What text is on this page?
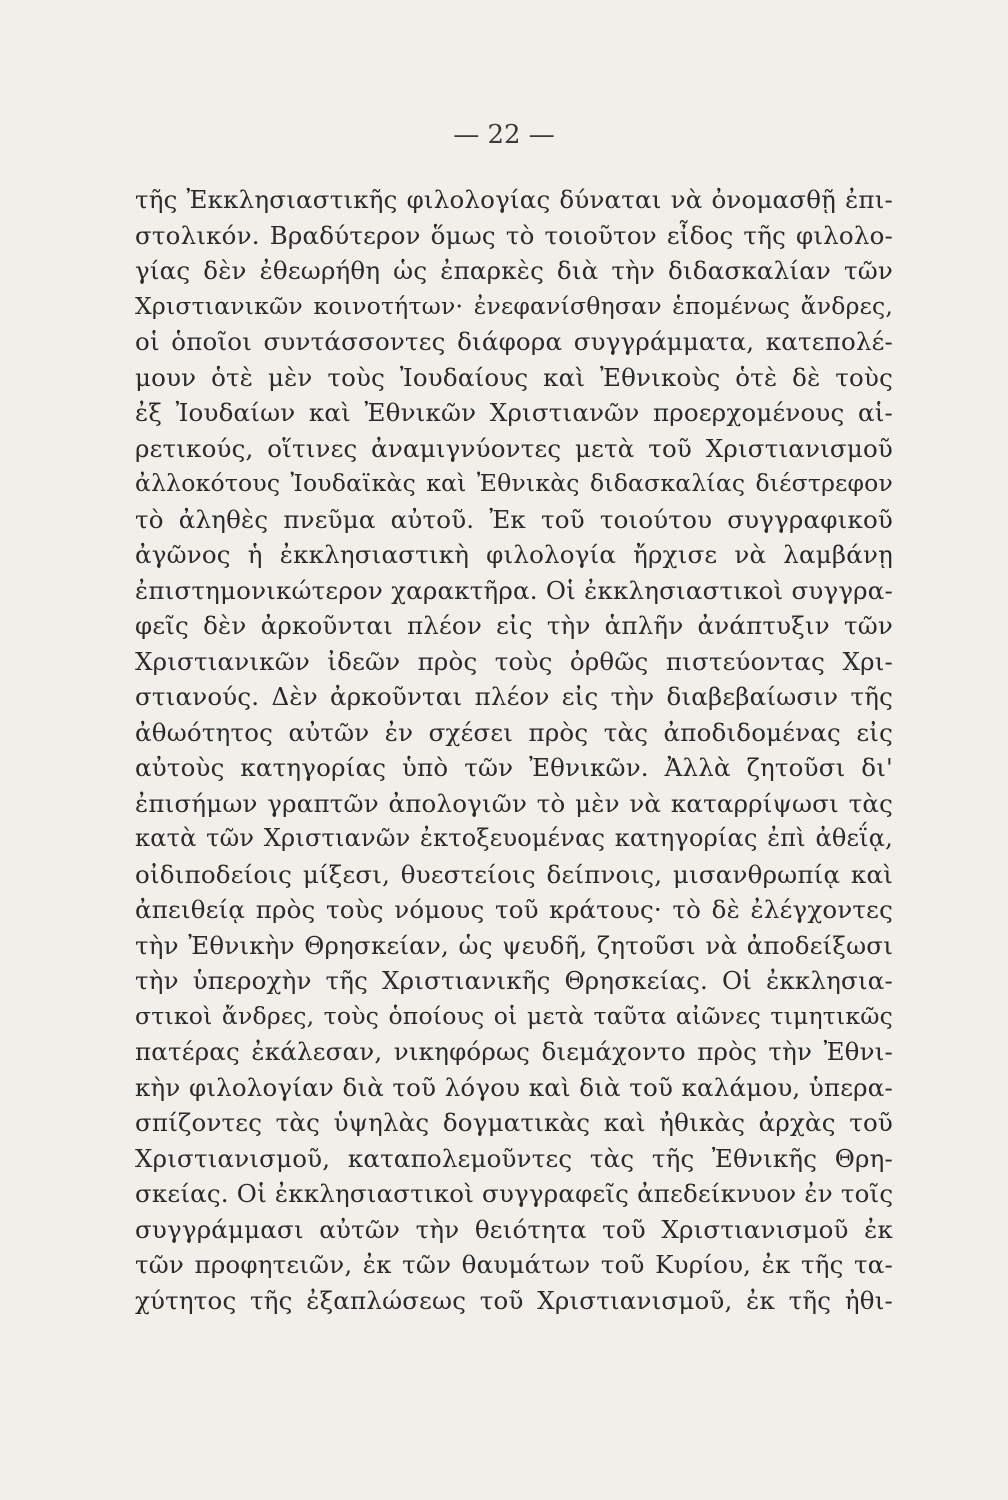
— 22 —
τῆς Ἐκκλησιαστικῆς φιλολογίας δύναται νὰ ὀνομασθῇ ἐπι-
στολικόν. Βραδύτερον ὅμως τὸ τοιοῦτον εἶδος τῆς φιλολο-
γίας δὲν ἐθεωρήθη ὡς ἐπαρκὲς διὰ τὴν διδασκαλίαν τῶν
Χριστιανικῶν κοινοτήτων· ἐνεφανίσθησαν ἑπομένως ἄνδρες,
οἱ ὁποῖοι συντάσσοντες διάφορα συγγράμματα, κατεπολέ-
μουν ὁτὲ μὲν τοὺς Ἰουδαίους καὶ Ἐθνικοὺς ὁτὲ δὲ τοὺς
ἐξ Ἰουδαίων καὶ Ἐθνικῶν Χριστιανῶν προερχομένους αἱ-
ρετικούς, οἵτινες ἀναμιγνύοντες μετὰ τοῦ Χριστιανισμοῦ
ἀλλοκότους Ἰουδαϊκὰς καὶ Ἐθνικὰς διδασκαλίας διέστρεφον
τὸ ἀληθὲς πνεῦμα αὐτοῦ. Ἐκ τοῦ τοιούτου συγγραφικοῦ
ἀγῶνος ἡ ἐκκλησιαστικὴ φιλολογία ἤρχισε νὰ λαμβάνῃ
ἐπιστημονικώτερον χαρακτῆρα. Οἱ ἐκκλησιαστικοὶ συγγρα-
φεῖς δὲν ἀρκοῦνται πλέον εἰς τὴν ἁπλῆν ἀνάπτυξιν τῶν
Χριστιανικῶν ἰδεῶν πρὸς τοὺς ὀρθῶς πιστεύοντας Χρι-
στιανούς. Δὲν ἀρκοῦνται πλέον εἰς τὴν διαβεβαίωσιν τῆς
ἀθωότητος αὐτῶν ἐν σχέσει πρὸς τὰς ἀποδιδομένας εἰς
αὐτοὺς κατηγορίας ὑπὸ τῶν Ἐθνικῶν. Ἀλλὰ ζητοῦσι δι'
ἐπισήμων γραπτῶν ἀπολογιῶν τὸ μὲν νὰ καταρρίψωσι τὰς
κατὰ τῶν Χριστιανῶν ἐκτοξευομένας κατηγορίας ἐπὶ ἀθεΐᾳ,
οἰδιποδείοις μίξεσι, θυεστείοις δείπνοις, μισανθρωπίᾳ καὶ
ἀπειθείᾳ πρὸς τοὺς νόμους τοῦ κράτους· τὸ δὲ ἐλέγχοντες
τὴν Ἐθνικὴν Θρησκείαν, ὡς ψευδῆ, ζητοῦσι νὰ ἀποδείξωσι
τὴν ὑπεροχὴν τῆς Χριστιανικῆς Θρησκείας. Οἱ ἐκκλησια-
στικοὶ ἄνδρες, τοὺς ὁποίους οἱ μετὰ ταῦτα αἰῶνες τιμητικῶς
πατέρας ἐκάλεσαν, νικηφόρως διεμάχοντο πρὸς τὴν Ἐθνι-
κὴν φιλολογίαν διὰ τοῦ λόγου καὶ διὰ τοῦ καλάμου, ὑπερα-
σπίζοντες τὰς ὑψηλὰς δογματικὰς καὶ ἠθικὰς ἀρχὰς τοῦ
Χριστιανισμοῦ, καταπολεμοῦντες τὰς τῆς Ἐθνικῆς Θρη-
σκείας. Οἱ ἐκκλησιαστικοὶ συγγραφεῖς ἀπεδείκνυον ἐν τοῖς
συγγράμμασι αὐτῶν τὴν θειότητα τοῦ Χριστιανισμοῦ ἐκ
τῶν προφητειῶν, ἐκ τῶν θαυμάτων τοῦ Κυρίου, ἐκ τῆς τα-
χύτητος τῆς ἐξαπλώσεως τοῦ Χριστιανισμοῦ, ἐκ τῆς ἠθι-
